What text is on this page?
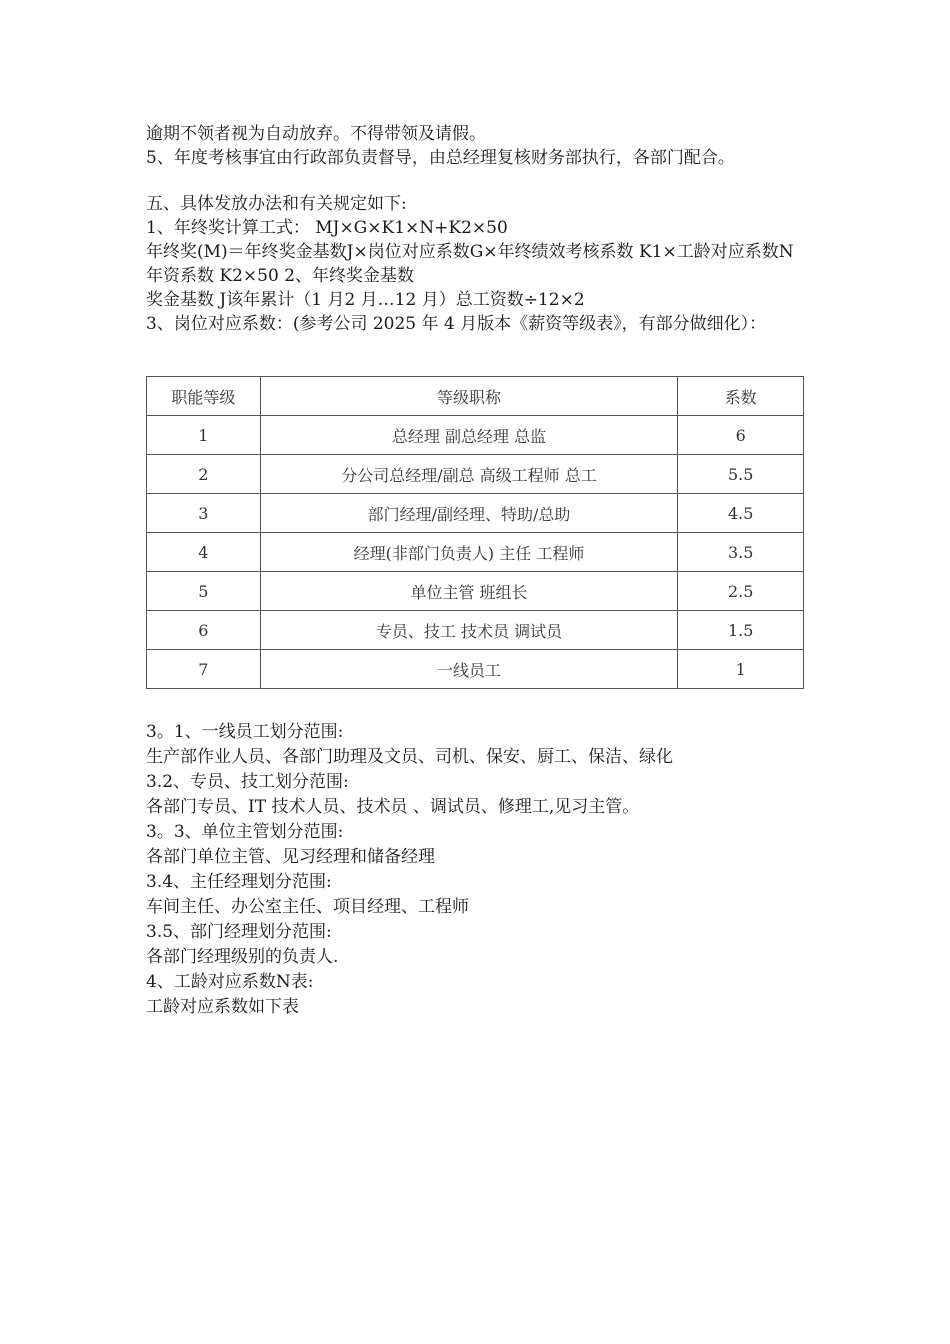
逾期不领者视为自动放弃。不得带领及请假。

5、年度考核事宜由行政部负责督导，由总经理复核财务部执行，各部门配合。

五、具体发放办法和有关规定如下:

1、年终奖计算工式： MJ×G×K1×N+K2×50

年终奖(M)＝年终奖金基数J×岗位对应系数G×年终绩效考核系数 K1×工龄对应系数N年资系数 K2×50 2、年终奖金基数

奖金基数 J该年累计（1 月2 月…12 月）总工资数÷12×2

3、岗位对应系数：(参考公司 2025 年 4 月版本《薪资等级表》，有部分做细化）：

职能等级	等级职称	系数
1	总经理 副总经理 总监	6
2	分公司总经理/副总 高级工程师 总工	5.5
3	部门经理/副经理、特助/总助	4.5
4	经理(非部门负责人) 主任 工程师	3.5
5	单位主管 班组长	2.5
6	专员、技工 技术员 调试员	1.5
7	一线员工	1

3。1、一线员工划分范围:

生产部作业人员、各部门助理及文员、司机、保安、厨工、保洁、绿化

3.2、专员、技工划分范围:

各部门专员、IT 技术人员、技术员 、调试员、修理工,见习主管。

3。3、单位主管划分范围:

各部门单位主管、见习经理和储备经理

3.4、主任经理划分范围:

车间主任、办公室主任、项目经理、工程师

3.5、部门经理划分范围:

各部门经理级别的负责人.

4、工龄对应系数N表:

工龄对应系数如下表
